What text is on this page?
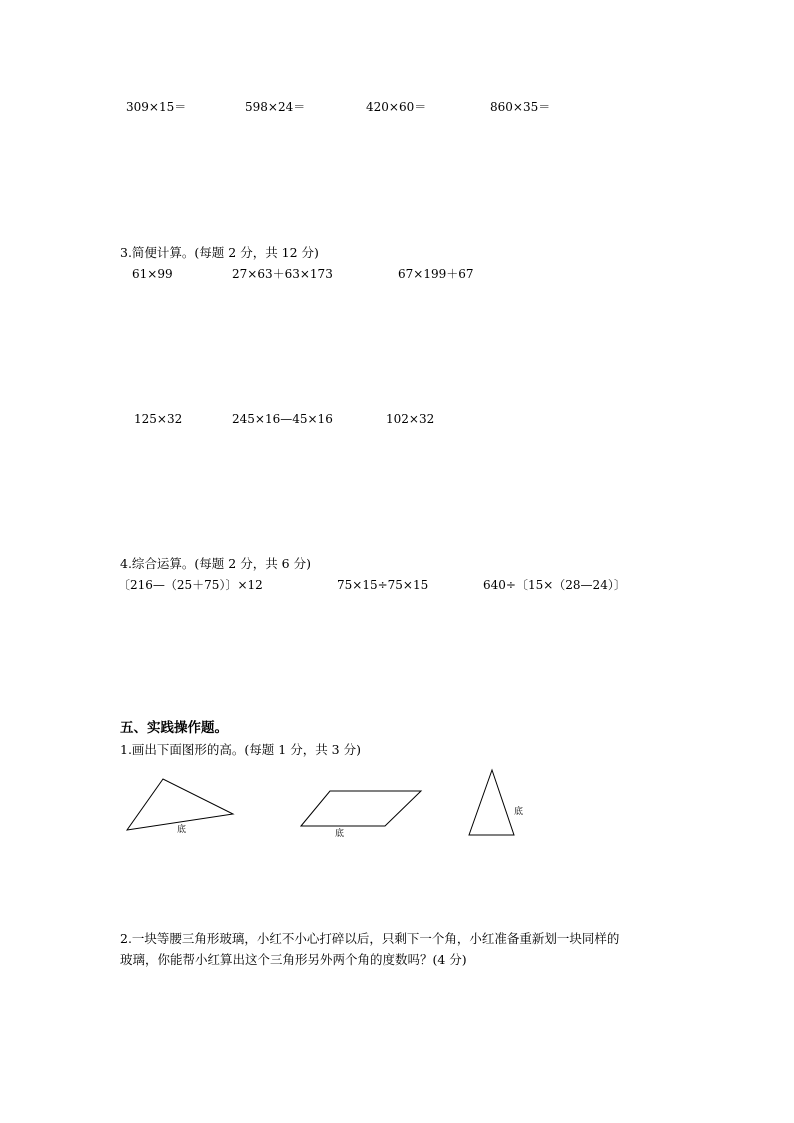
309×15＝	598×24＝	420×60＝	860×35＝
3.简便计算。(每题 2 分，共 12 分)
61×99	27×63＋63×173	67×199＋67
125×32	245×16—45×16	102×32
4.综合运算。(每题 2 分，共 6 分)
〔216—（25＋75）〕×12	75×15÷75×15	640÷〔15×（28—24）〕
五、实践操作题。
1.画出下面图形的高。(每题 1 分，共 3 分)
底	底
底
2.一块等腰三角形玻璃，小红不小心打碎以后，只剩下一个角，小红准备重新划一块同样的
玻璃，你能帮小红算出这个三角形另外两个角的度数吗？(4 分)
